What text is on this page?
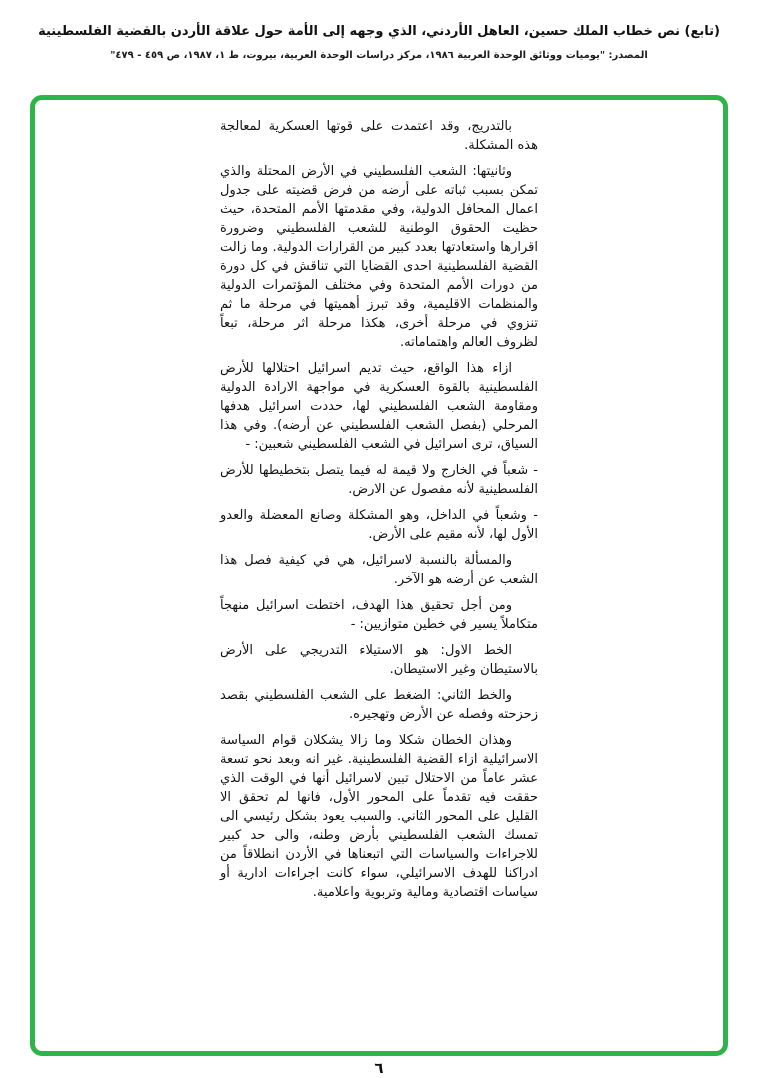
(تابع) نص خطاب الملك حسين، العاهل الأردني، الذي وجهه إلى الأمة حول علاقة الأردن بالقضية الفلسطينية
المصدر: "يوميات ووثائق الوحدة العربية ١٩٨٦، مركز دراسات الوحدة العربية، بيروت، ط ١، ١٩٨٧، ص ٤٥٩ - ٤٧٩"

بالتدريج، وقد اعتمدت على قوتها العسكرية لمعالجة هذه المشكلة.

وثانيتها: الشعب الفلسطيني في الأرض المحتلة والذي تمكن بسبب ثباته على أرضه من فرض قضيته على جدول اعمال المحافل الدولية، وفي مقدمتها الأمم المتحدة، حيث حظيت الحقوق الوطنية للشعب الفلسطيني وضرورة اقرارها واستعادتها بعدد كبير من القرارات الدولية. وما زالت القضية الفلسطينية احدى القضايا التي تناقش في كل دورة من دورات الأمم المتحدة وفي مختلف المؤتمرات الدولية والمنظمات الاقليمية، وقد تبرز أهميتها في مرحلة ما ثم تنزوي في مرحلة أخرى، هكذا مرحلة اثر مرحلة، تبعاً لظروف العالم واهتماماته.

ازاء هذا الواقع، حيث تديم اسرائيل احتلالها للأرض الفلسطينية بالقوة العسكرية في مواجهة الارادة الدولية ومقاومة الشعب الفلسطيني لها، حددت اسرائيل هدفها المرحلي (بفصل الشعب الفلسطيني عن أرضه). وفي هذا السياق، ترى اسرائيل في الشعب الفلسطيني شعبين: -

- شعباً في الخارج ولا قيمة له فيما يتصل بتخطيطها للأرض الفلسطينية لأنه مفصول عن الارض.

- وشعباً في الداخل، وهو المشكلة وصانع المعضلة والعدو الأول لها، لأنه مقيم على الأرض.

والمسألة بالنسبة لاسرائيل، هي في كيفية فصل هذا الشعب عن أرضه هو الآخر.

ومن أجل تحقيق هذا الهدف، اختطت اسرائيل منهجاً متكاملاً يسير في خطين متوازيين: -

الخط الاول: هو الاستيلاء التدريجي على الأرض بالاستيطان وغير الاستيطان.

والخط الثاني: الضغط على الشعب الفلسطيني بقصد زحزحته وفصله عن الأرض وتهجيره.

وهذان الخطان شكلا وما زالا يشكلان قوام السياسة الاسرائيلية ازاء القضية الفلسطينية. غير انه وبعد نحو تسعة عشر عاماً من الاحتلال تبين لاسرائيل أنها في الوقت الذي حققت فيه تقدماً على المحور الأول، فانها لم تحقق الا القليل على المحور الثاني. والسبب يعود بشكل رئيسي الى تمسك الشعب الفلسطيني بأرض وطنه، والى حد كبير للاجراءات والسياسات التي اتبعناها في الأردن انطلاقاً من ادراكنا للهدف الاسرائيلي، سواء كانت اجراءات ادارية أو سياسات اقتصادية ومالية وتربوية واعلامية.

٦
